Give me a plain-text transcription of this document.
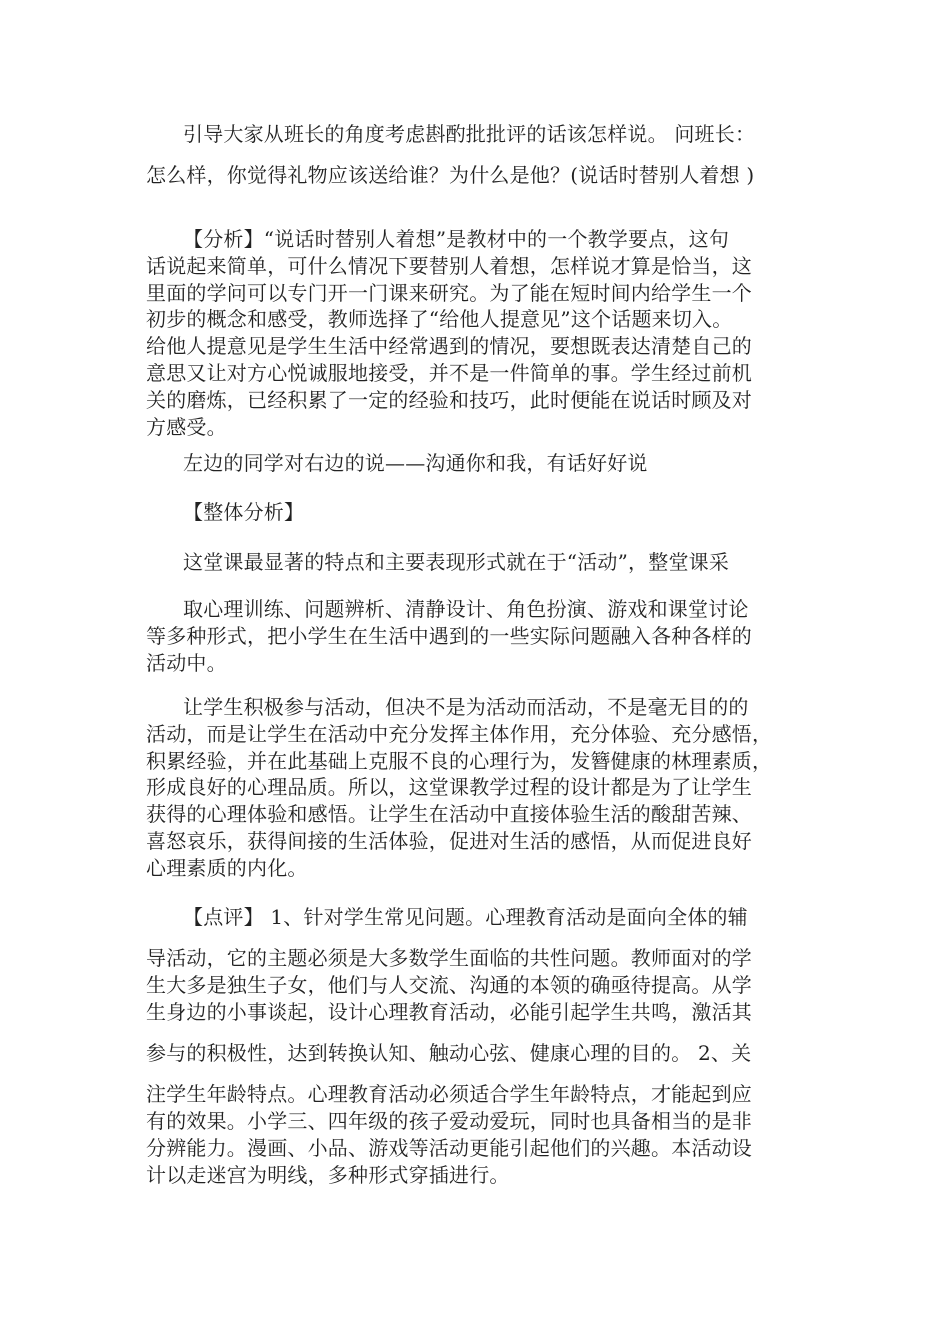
引导大家从班长的角度考虑斟酌批批评的话该怎样说。 问班长：
怎么样，你觉得礼物应该送给谁？为什么是他？(说话时替别人着想 )
【分析】“说话时替别人着想”是教材中的一个教学要点，这句
话说起来简单，可什么情况下要替别人着想，怎样说才算是恰当，这
里面的学问可以专门开一门课来研究。为了能在短时间内给学生一个
初步的概念和感受，教师选择了“给他人提意见”这个话题来切入。
给他人提意见是学生生活中经常遇到的情况，要想既表达清楚自己的
意思又让对方心悦诚服地接受，并不是一件简单的事。学生经过前机
关的磨炼，已经积累了一定的经验和技巧，此时便能在说话时顾及对
方感受。
左边的同学对右边的说——沟通你和我，有话好好说
【整体分析】
这堂课最显著的特点和主要表现形式就在于“活动”，整堂课采
取心理训练、问题辨析、清静设计、角色扮演、游戏和课堂讨论
等多种形式，把小学生在生活中遇到的一些实际问题融入各种各样的
活动中。
让学生积极参与活动，但决不是为活动而活动，不是毫无目的的
活动，而是让学生在活动中充分发挥主体作用，充分体验、充分感悟，
积累经验，并在此基础上克服不良的心理行为，发簪健康的林理素质，
形成良好的心理品质。所以，这堂课教学过程的设计都是为了让学生
获得的心理体验和感悟。让学生在活动中直接体验生活的酸甜苦辣、
喜怒哀乐，获得间接的生活体验，促进对生活的感悟，从而促进良好
心理素质的内化。
【点评】 1、针对学生常见问题。心理教育活动是面向全体的辅
导活动，它的主题必须是大多数学生面临的共性问题。教师面对的学
生大多是独生子女，他们与人交流、沟通的本领的确亟待提高。从学
生身边的小事谈起，设计心理教育活动，必能引起学生共鸣，激活其
参与的积极性，达到转换认知、触动心弦、健康心理的目的。 2、关
注学生年龄特点。心理教育活动必须适合学生年龄特点，才能起到应
有的效果。小学三、四年级的孩子爱动爱玩，同时也具备相当的是非
分辨能力。漫画、小品、游戏等活动更能引起他们的兴趣。本活动设
计以走迷宫为明线，多种形式穿插进行。
